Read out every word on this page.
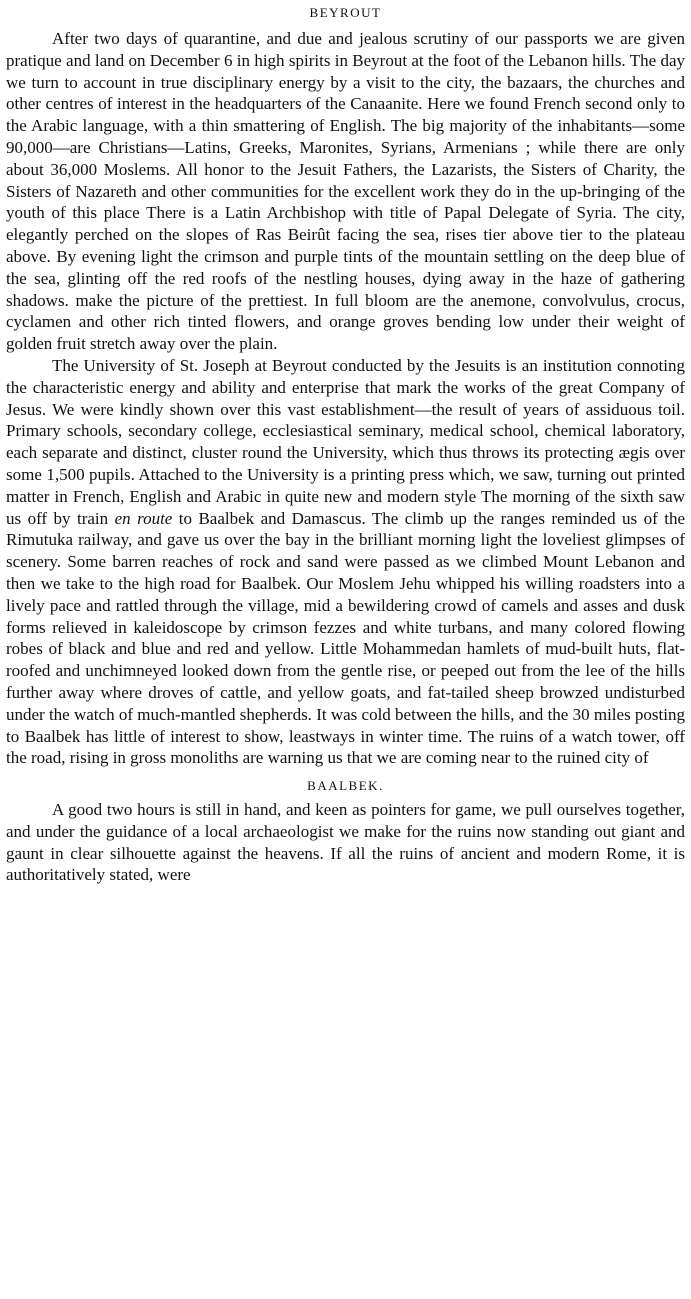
BEYROUT

After two days of quarantine, and due and jealous scrutiny of our passports we are given pratique and land on December 6 in high spirits in Beyrout at the foot of the Lebanon hills. The day we turn to account in true disciplinary energy by a visit to the city, the bazaars, the churches and other centres of interest in the headquarters of the Canaanite. Here we found French second only to the Arabic language, with a thin smattering of English. The big majority of the inhabitants—some 90,000—are Christians—Latins, Greeks, Maronites, Syrians, Armenians ; while there are only about 36,000 Moslems. All honor to the Jesuit Fathers, the Lazarists, the Sisters of Charity, the Sisters of Nazareth and other communities for the excellent work they do in the up-bringing of the youth of this place There is a Latin Archbishop with title of Papal Delegate of Syria. The city, elegantly perched on the slopes of Ras Beirût facing the sea, rises tier above tier to the plateau above. By evening light the crimson and purple tints of the mountain settling on the deep blue of the sea, glinting off the red roofs of the nestling houses, dying away in the haze of gathering shadows. make the picture of the prettiest. In full bloom are the anemone, convolvulus, crocus, cyclamen and other rich tinted flowers, and orange groves bending low under their weight of golden fruit stretch away over the plain.

The University of St. Joseph at Beyrout conducted by the Jesuits is an institution connoting the characteristic energy and ability and enterprise that mark the works of the great Company of Jesus. We were kindly shown over this vast establishment—the result of years of assiduous toil. Primary schools, secondary college, ecclesiastical seminary, medical school, chemical laboratory, each separate and distinct, cluster round the University, which thus throws its protecting ægis over some 1,500 pupils. Attached to the University is a printing press which, we saw, turning out printed matter in French, English and Arabic in quite new and modern style The morning of the sixth saw us off by train en route to Baalbek and Damascus. The climb up the ranges reminded us of the Rimutuka railway, and gave us over the bay in the brilliant morning light the loveliest glimpses of scenery. Some barren reaches of rock and sand were passed as we climbed Mount Lebanon and then we take to the high road for Baalbek. Our Moslem Jehu whipped his willing roadsters into a lively pace and rattled through the village, mid a bewildering crowd of camels and asses and dusk forms relieved in kaleidoscope by crimson fezzes and white turbans, and many colored flowing robes of black and blue and red and yellow. Little Mohammedan hamlets of mud-built huts, flat-roofed and unchimneyed looked down from the gentle rise, or peeped out from the lee of the hills further away where droves of cattle, and yellow goats, and fat-tailed sheep browzed undisturbed under the watch of much-mantled shepherds. It was cold between the hills, and the 30 miles posting to Baalbek has little of interest to show, leastways in winter time. The ruins of a watch tower, off the road, rising in gross monoliths are warning us that we are coming near to the ruined city of

BAALBEK.

A good two hours is still in hand, and keen as pointers for game, we pull ourselves together, and under the guidance of a local archaeologist we make for the ruins now standing out giant and gaunt in clear silhouette against the heavens. If all the ruins of ancient and modern Rome, it is authoritatively stated, were
